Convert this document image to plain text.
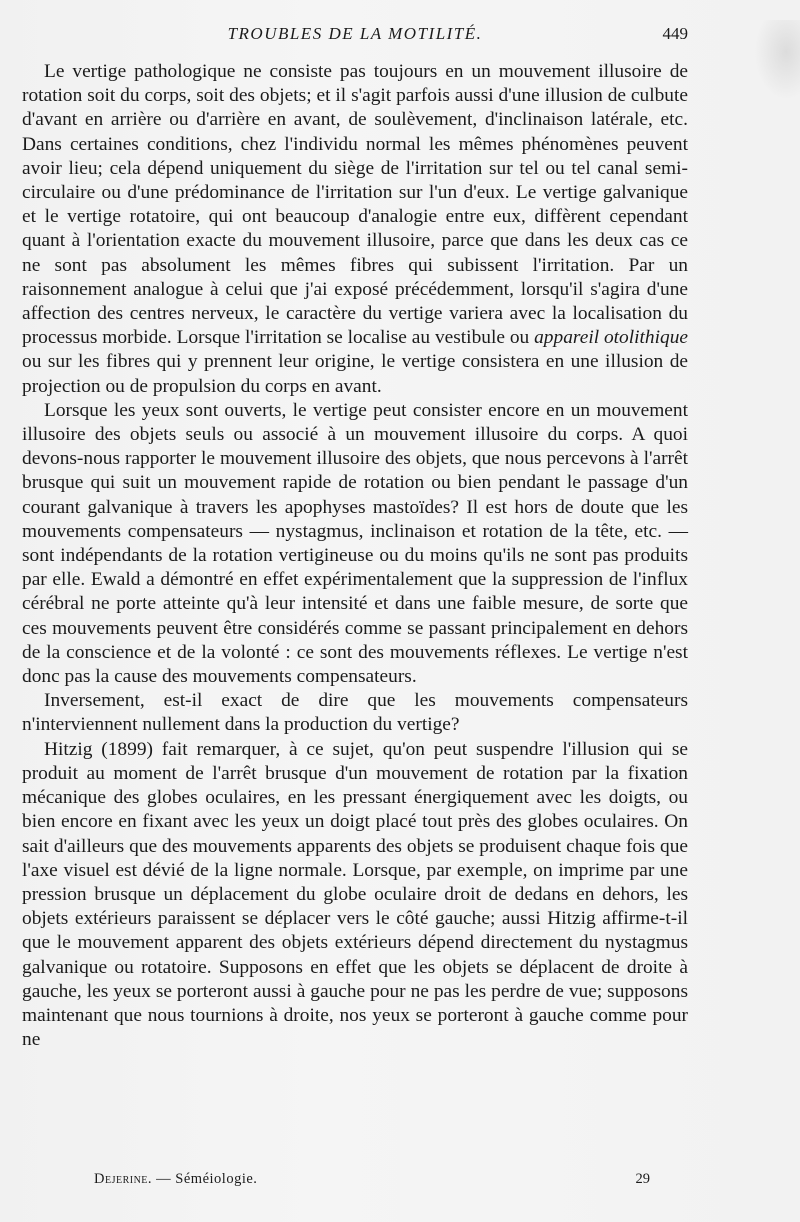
TROUBLES DE LA MOTILITÉ.	449

Le vertige pathologique ne consiste pas toujours en un mouvement illusoire de rotation soit du corps, soit des objets; et il s'agit parfois aussi d'une illusion de culbute d'avant en arrière ou d'arrière en avant, de soulèvement, d'inclinaison latérale, etc. Dans certaines conditions, chez l'individu normal les mêmes phénomènes peuvent avoir lieu; cela dépend uniquement du siège de l'irritation sur tel ou tel canal semi-circulaire ou d'une prédominance de l'irritation sur l'un d'eux. Le vertige galvanique et le vertige rotatoire, qui ont beaucoup d'analogie entre eux, diffèrent cependant quant à l'orientation exacte du mouvement illusoire, parce que dans les deux cas ce ne sont pas absolument les mêmes fibres qui subissent l'irritation. Par un raisonnement analogue à celui que j'ai exposé précédemment, lorsqu'il s'agira d'une affection des centres nerveux, le caractère du vertige variera avec la localisation du processus morbide. Lorsque l'irritation se localise au vestibule ou appareil otolithique ou sur les fibres qui y prennent leur origine, le vertige consistera en une illusion de projection ou de propulsion du corps en avant.

Lorsque les yeux sont ouverts, le vertige peut consister encore en un mouvement illusoire des objets seuls ou associé à un mouvement illusoire du corps. A quoi devons-nous rapporter le mouvement illusoire des objets, que nous percevons à l'arrêt brusque qui suit un mouvement rapide de rotation ou bien pendant le passage d'un courant galvanique à travers les apophyses mastoïdes? Il est hors de doute que les mouvements compensateurs — nystagmus, inclinaison et rotation de la tête, etc. — sont indépendants de la rotation vertigineuse ou du moins qu'ils ne sont pas produits par elle. Ewald a démontré en effet expérimentalement que la suppression de l'influx cérébral ne porte atteinte qu'à leur intensité et dans une faible mesure, de sorte que ces mouvements peuvent être considérés comme se passant principalement en dehors de la conscience et de la volonté : ce sont des mouvements réflexes. Le vertige n'est donc pas la cause des mouvements compensateurs.

Inversement, est-il exact de dire que les mouvements compensateurs n'interviennent nullement dans la production du vertige?

Hitzig (1899) fait remarquer, à ce sujet, qu'on peut suspendre l'illusion qui se produit au moment de l'arrêt brusque d'un mouvement de rotation par la fixation mécanique des globes oculaires, en les pressant énergiquement avec les doigts, ou bien encore en fixant avec les yeux un doigt placé tout près des globes oculaires. On sait d'ailleurs que des mouvements apparents des objets se produisent chaque fois que l'axe visuel est dévié de la ligne normale. Lorsque, par exemple, on imprime par une pression brusque un déplacement du globe oculaire droit de dedans en dehors, les objets extérieurs paraissent se déplacer vers le côté gauche; aussi Hitzig affirme-t-il que le mouvement apparent des objets extérieurs dépend directement du nystagmus galvanique ou rotatoire. Supposons en effet que les objets se déplacent de droite à gauche, les yeux se porteront aussi à gauche pour ne pas les perdre de vue; supposons maintenant que nous tournions à droite, nos yeux se porteront à gauche comme pour ne

Dejerine. — Séméiologie.	29
